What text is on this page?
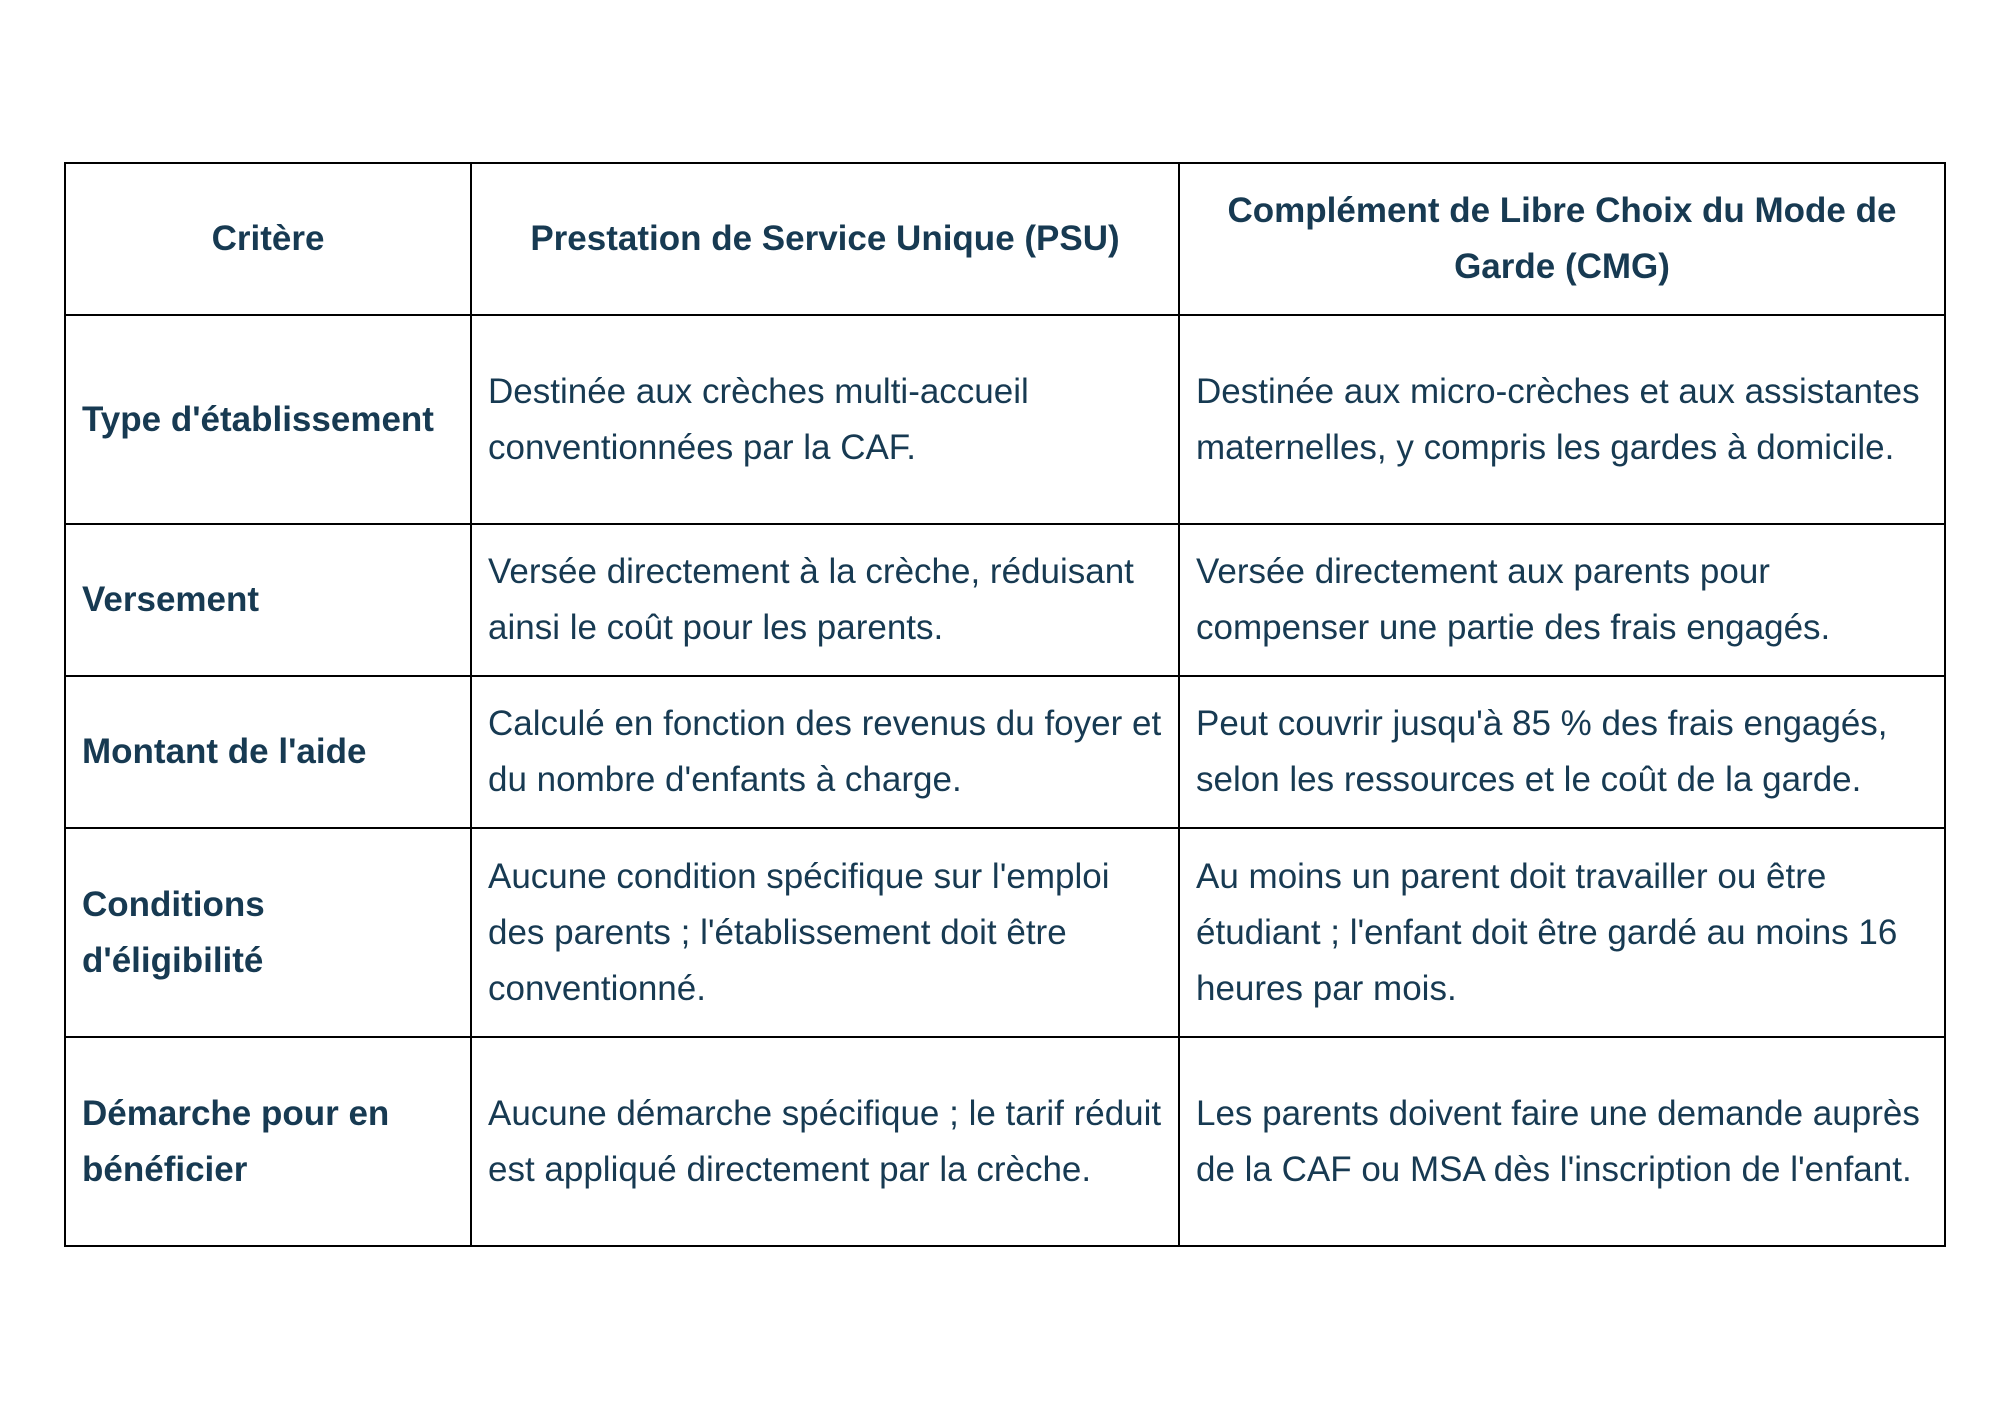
Critère	Prestation de Service Unique (PSU)	Complément de Libre Choix du Mode de Garde (CMG)
Type d'établissement	Destinée aux crèches multi-accueil conventionnées par la CAF.	Destinée aux micro-crèches et aux assistantes maternelles, y compris les gardes à domicile.
Versement	Versée directement à la crèche, réduisant ainsi le coût pour les parents.	Versée directement aux parents pour compenser une partie des frais engagés.
Montant de l'aide	Calculé en fonction des revenus du foyer et du nombre d'enfants à charge.	Peut couvrir jusqu'à 85 % des frais engagés, selon les ressources et le coût de la garde.
Conditions d'éligibilité	Aucune condition spécifique sur l'emploi des parents ; l'établissement doit être conventionné.	Au moins un parent doit travailler ou être étudiant ; l'enfant doit être gardé au moins 16 heures par mois.
Démarche pour en bénéficier	Aucune démarche spécifique ; le tarif réduit est appliqué directement par la crèche.	Les parents doivent faire une demande auprès de la CAF ou MSA dès l'inscription de l'enfant.
